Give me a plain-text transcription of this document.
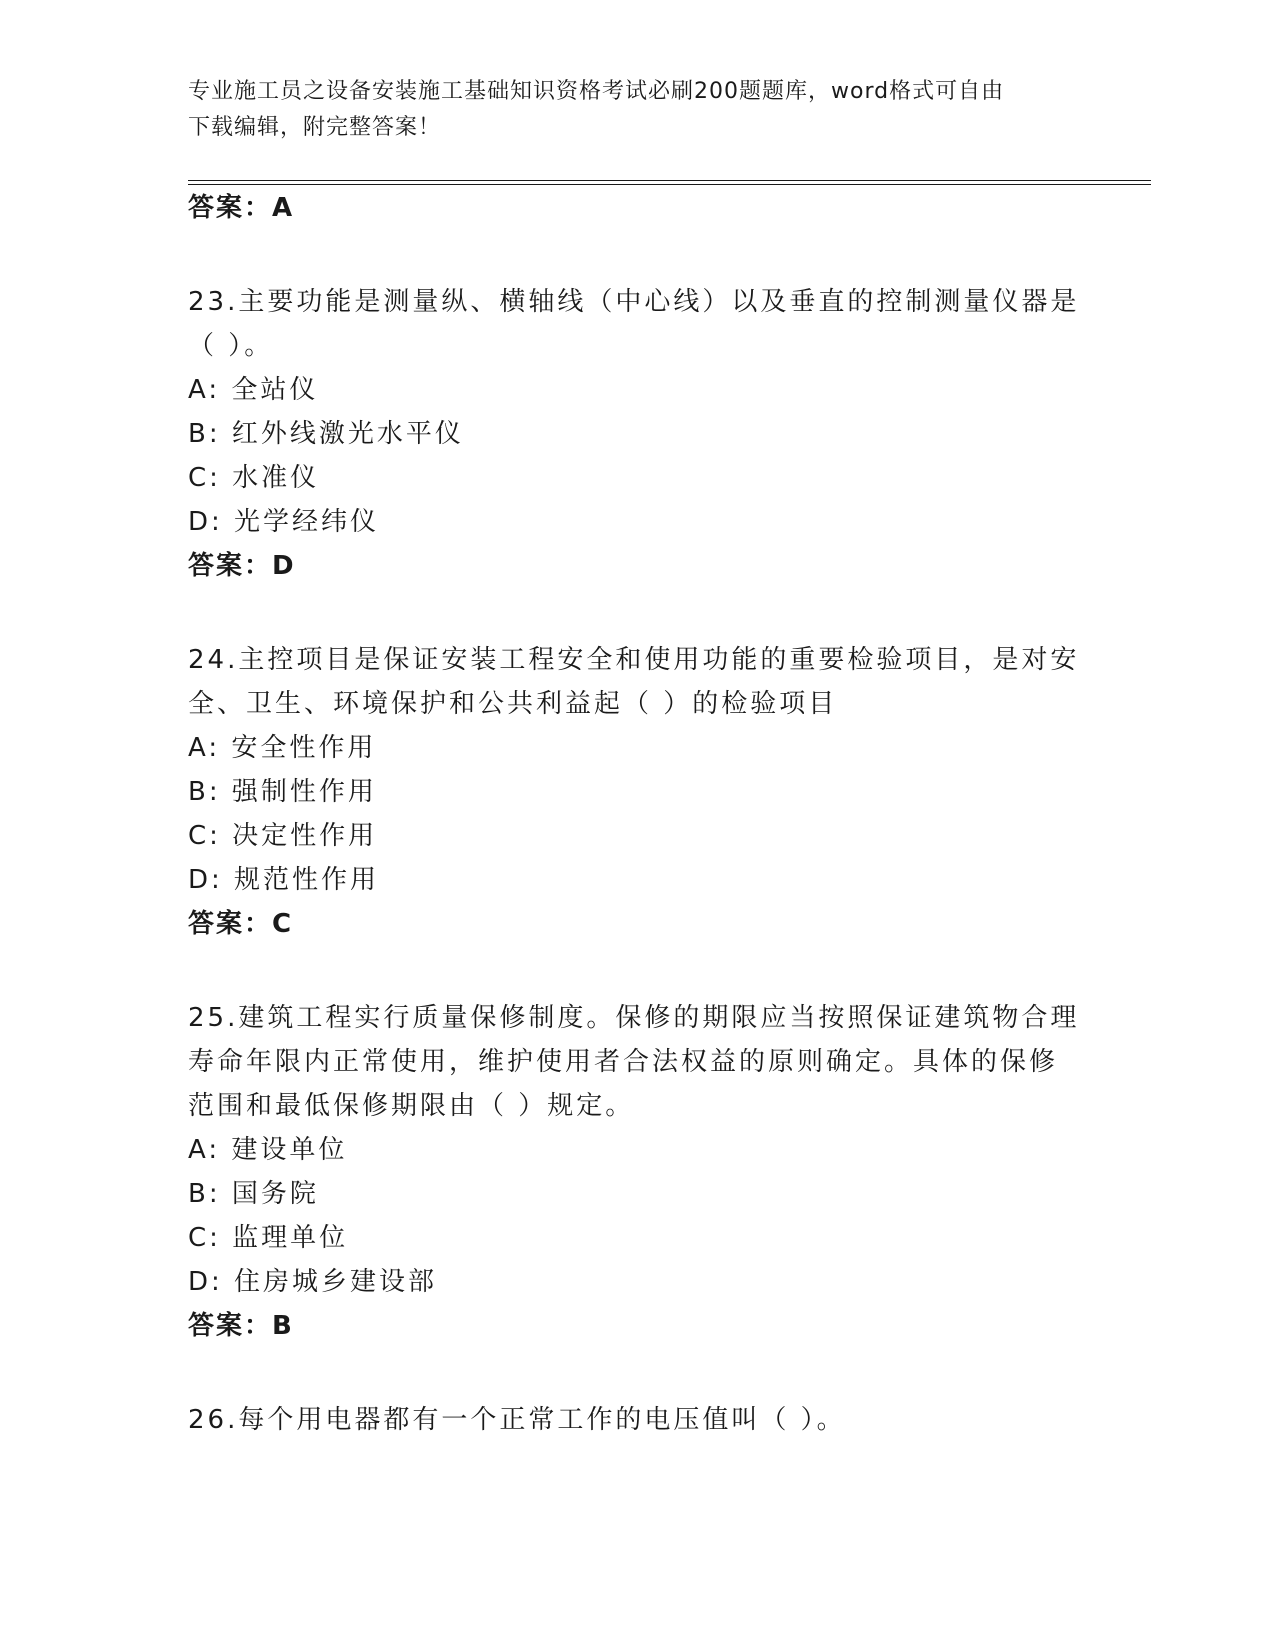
专业施工员之设备安装施工基础知识资格考试必刷200题题库，word格式可自由
下载编辑，附完整答案！
答案：A
23.主要功能是测量纵、横轴线（中心线）以及垂直的控制测量仪器是
（ ）。
A: 全站仪
B: 红外线激光水平仪
C: 水准仪
D: 光学经纬仪
答案：D
24.主控项目是保证安装工程安全和使用功能的重要检验项目，是对安
全、卫生、环境保护和公共利益起（ ）的检验项目
A: 安全性作用
B: 强制性作用
C: 决定性作用
D: 规范性作用
答案：C
25.建筑工程实行质量保修制度。保修的期限应当按照保证建筑物合理
寿命年限内正常使用，维护使用者合法权益的原则确定。具体的保修
范围和最低保修期限由（ ）规定。
A: 建设单位
B: 国务院
C: 监理单位
D: 住房城乡建设部
答案：B
26.每个用电器都有一个正常工作的电压值叫（ ）。
